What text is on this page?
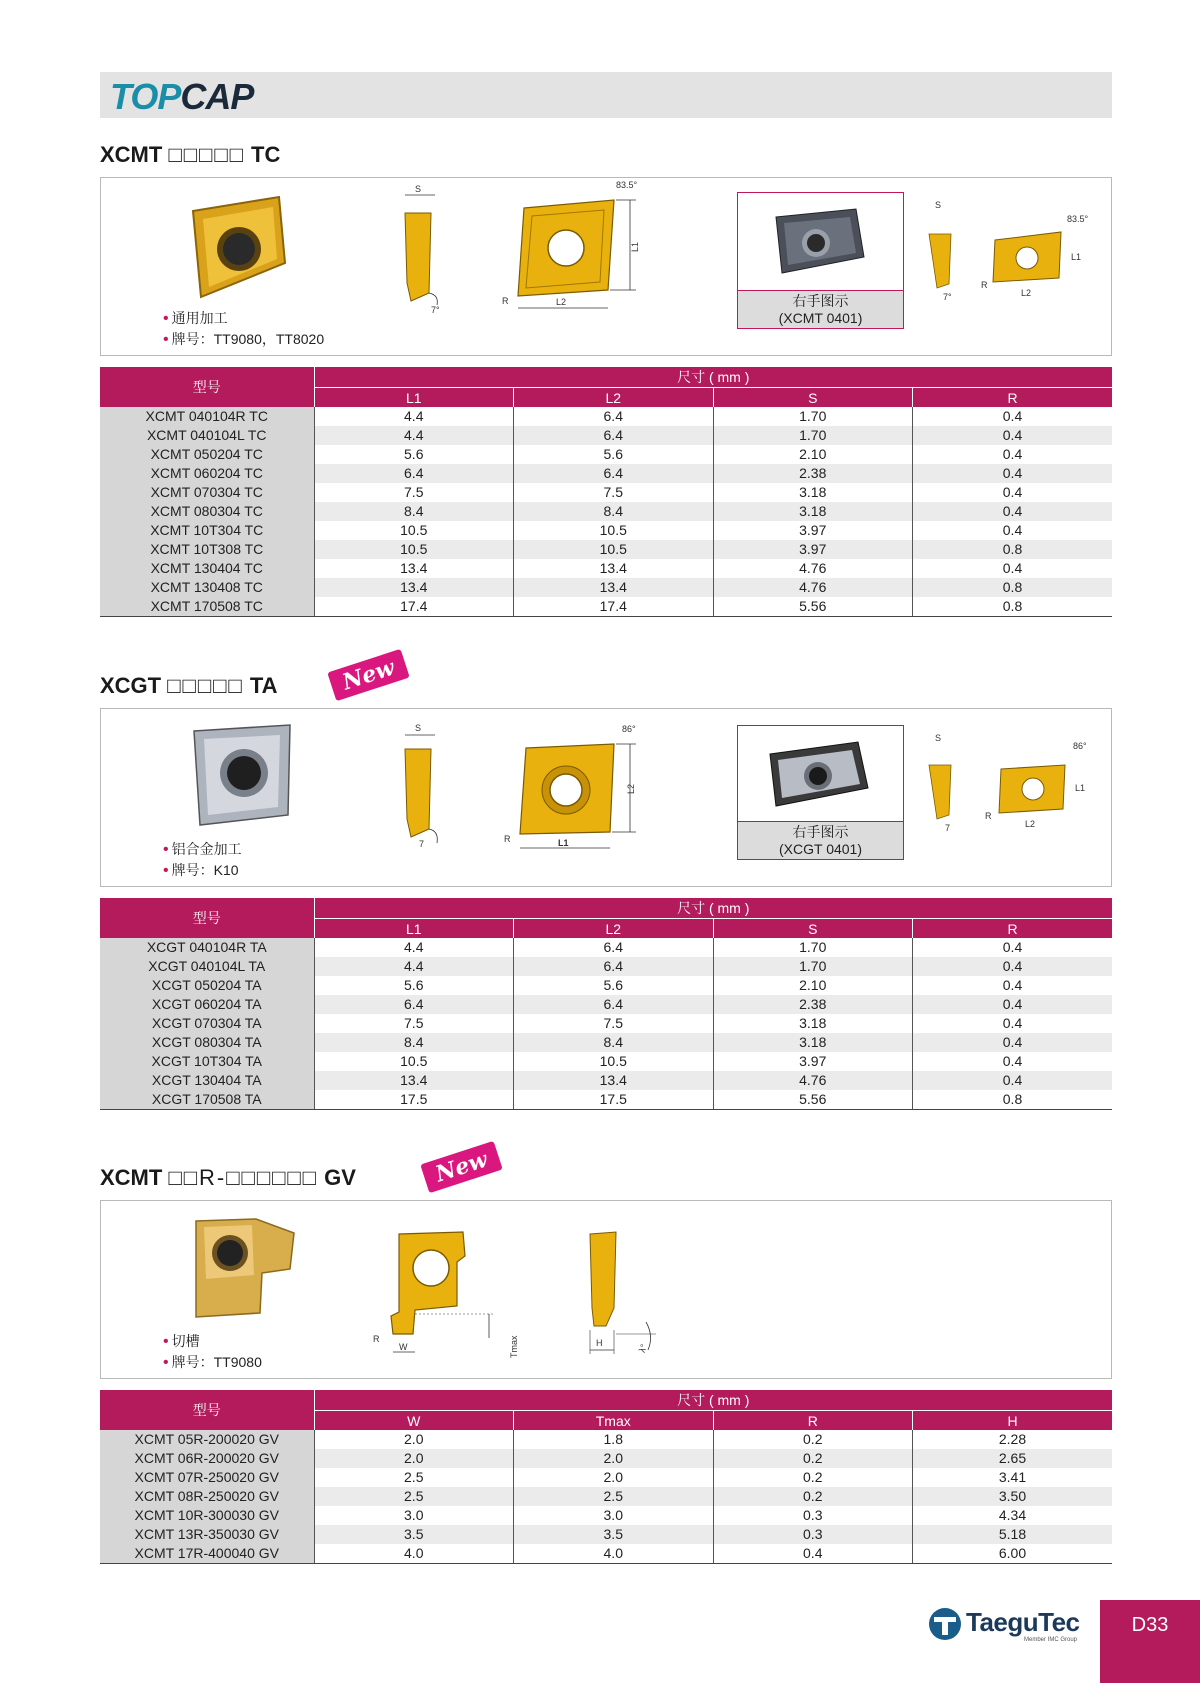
TOPCAP
XCMT □□□□□ TC
• 通用加工
• 牌号：TT9080，TT8020
S
7°
L1
83.5°
L2
R	右手图示
(XCMT 0401)
S
7°
83.5°
L1
L2
R
型号	尺寸 ( mm )			
	L1	L2	S	R
XCMT 040104R TC	4.4	6.4	1.70	0.4
XCMT 040104L TC	4.4	6.4	1.70	0.4
XCMT 050204 TC	5.6	5.6	2.10	0.4
XCMT 060204 TC	6.4	6.4	2.38	0.4
XCMT 070304 TC	7.5	7.5	3.18	0.4
XCMT 080304 TC	8.4	8.4	3.18	0.4
XCMT 10T304 TC	10.5	10.5	3.97	0.4
XCMT 10T308 TC	10.5	10.5	3.97	0.8
XCMT 130404 TC	13.4	13.4	4.76	0.4
XCMT 130408 TC	13.4	13.4	4.76	0.8
XCMT 170508 TC	17.4	17.4	5.56	0.8
XCGT □□□□□ TA	New
• 铝合金加工
• 牌号：K10
S
7
L2
86°
L1
R	右手图示
(XCGT 0401)
S
7
86°
L1
L2
R
型号	尺寸 ( mm )			
	L1	L2	S	R
XCGT 040104R TA	4.4	6.4	1.70	0.4
XCGT 040104L TA	4.4	6.4	1.70	0.4
XCGT 050204 TA	5.6	5.6	2.10	0.4
XCGT 060204 TA	6.4	6.4	2.38	0.4
XCGT 070304 TA	7.5	7.5	3.18	0.4
XCGT 080304 TA	8.4	8.4	3.18	0.4
XCGT 10T304 TA	10.5	10.5	3.97	0.4
XCGT 130404 TA	13.4	13.4	4.76	0.4
XCGT 170508 TA	17.5	17.5	5.56	0.8
XCMT □□R-□□□□□□ GV	New
• 切槽
• 牌号：TT9080
Tmax
W
R	H	λ°
型号	尺寸 ( mm )			
	W	Tmax	R	H
XCMT 05R-200020 GV	2.0	1.8	0.2	2.28
XCMT 06R-200020 GV	2.0	2.0	0.2	2.65
XCMT 07R-250020 GV	2.5	2.0	0.2	3.41
XCMT 08R-250020 GV	2.5	2.5	0.2	3.50
XCMT 10R-300030 GV	3.0	3.0	0.3	4.34
XCMT 13R-350030 GV	3.5	3.5	0.3	5.18
XCMT 17R-400040 GV	4.0	4.0	0.4	6.00
TaeguTec
Member IMC Group
D33
